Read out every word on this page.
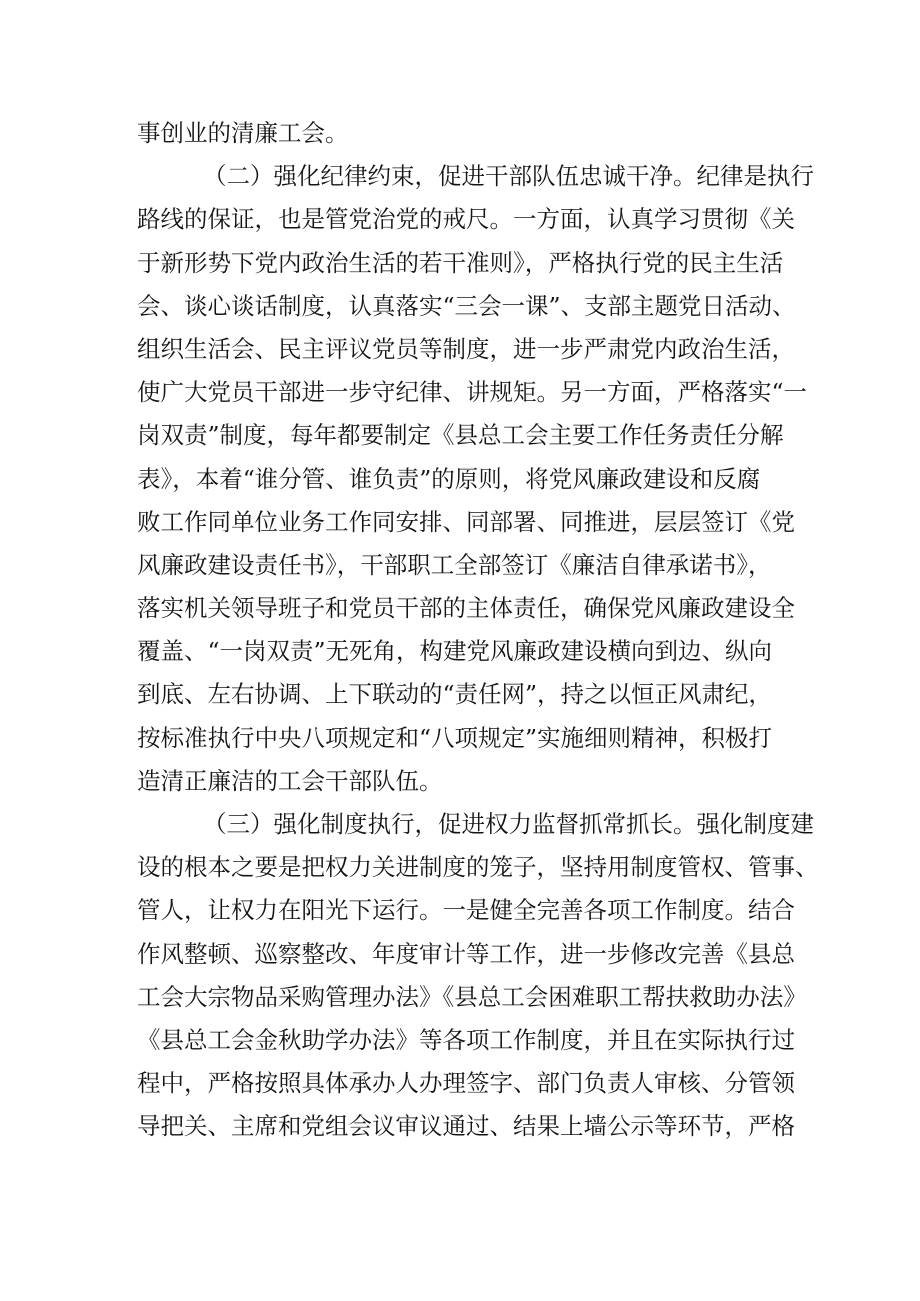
事创业的清廉工会。
（二）强化纪律约束，促进干部队伍忠诚干净。纪律是执行
路线的保证，也是管党治党的戒尺。一方面，认真学习贯彻《关
于新形势下党内政治生活的若干准则》，严格执行党的民主生活
会、谈心谈话制度，认真落实“三会一课”、支部主题党日活动、
组织生活会、民主评议党员等制度，进一步严肃党内政治生活，
使广大党员干部进一步守纪律、讲规矩。另一方面，严格落实“一
岗双责”制度，每年都要制定《县总工会主要工作任务责任分解
表》，本着“谁分管、谁负责”的原则，将党风廉政建设和反腐
败工作同单位业务工作同安排、同部署、同推进，层层签订《党
风廉政建设责任书》，干部职工全部签订《廉洁自律承诺书》，
落实机关领导班子和党员干部的主体责任，确保党风廉政建设全
覆盖、“一岗双责”无死角，构建党风廉政建设横向到边、纵向
到底、左右协调、上下联动的“责任网”，持之以恒正风肃纪，
按标准执行中央八项规定和“八项规定”实施细则精神，积极打
造清正廉洁的工会干部队伍。
（三）强化制度执行，促进权力监督抓常抓长。强化制度建
设的根本之要是把权力关进制度的笼子，坚持用制度管权、管事、
管人，让权力在阳光下运行。一是健全完善各项工作制度。结合
作风整顿、巡察整改、年度审计等工作，进一步修改完善《县总
工会大宗物品采购管理办法》《县总工会困难职工帮扶救助办法》
《县总工会金秋助学办法》等各项工作制度，并且在实际执行过
程中，严格按照具体承办人办理签字、部门负责人审核、分管领
导把关、主席和党组会议审议通过、结果上墙公示等环节，严格
